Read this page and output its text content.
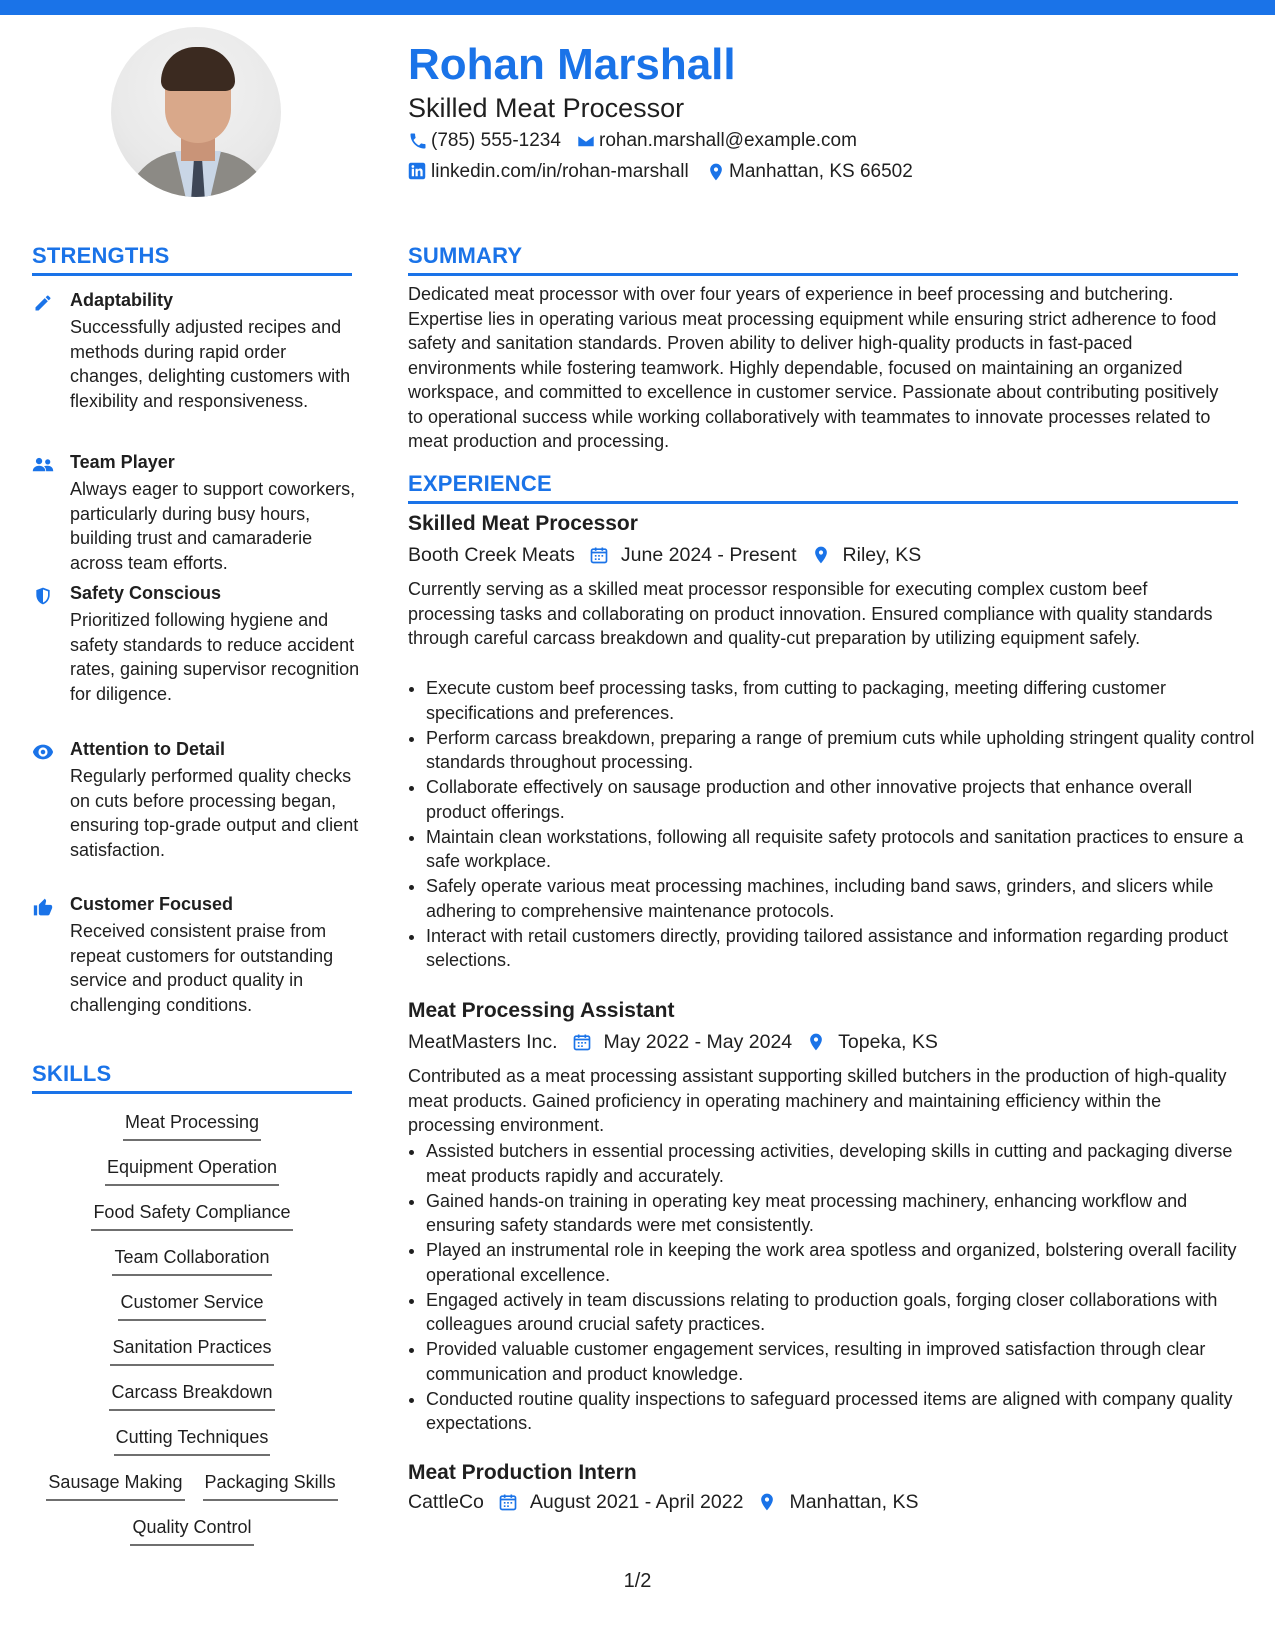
Rohan Marshall
Skilled Meat Processor
(785) 555-1234 rohan.marshall@example.com
linkedin.com/in/rohan-marshall Manhattan, KS 66502
STRENGTHS
Adaptability
Successfully adjusted recipes and methods during rapid order changes, delighting customers with flexibility and responsiveness.
Team Player
Always eager to support coworkers, particularly during busy hours, building trust and camaraderie across team efforts.
Safety Conscious
Prioritized following hygiene and safety standards to reduce accident rates, gaining supervisor recognition for diligence.
Attention to Detail
Regularly performed quality checks on cuts before processing began, ensuring top-grade output and client satisfaction.
Customer Focused
Received consistent praise from repeat customers for outstanding service and product quality in challenging conditions.
SKILLS
Meat Processing
Equipment Operation
Food Safety Compliance
Team Collaboration
Customer Service
Sanitation Practices
Carcass Breakdown
Cutting Techniques
Sausage Making Packaging Skills
Quality Control
SUMMARY
Dedicated meat processor with over four years of experience in beef processing and butchering. Expertise lies in operating various meat processing equipment while ensuring strict adherence to food safety and sanitation standards. Proven ability to deliver high-quality products in fast-paced environments while fostering teamwork. Highly dependable, focused on maintaining an organized workspace, and committed to excellence in customer service. Passionate about contributing positively to operational success while working collaboratively with teammates to innovate processes related to meat production and processing.
EXPERIENCE
Skilled Meat Processor
Booth Creek Meats June 2024 - Present Riley, KS
Currently serving as a skilled meat processor responsible for executing complex custom beef processing tasks and collaborating on product innovation. Ensured compliance with quality standards through careful carcass breakdown and quality-cut preparation by utilizing equipment safely.
• Execute custom beef processing tasks, from cutting to packaging, meeting differing customer specifications and preferences.
• Perform carcass breakdown, preparing a range of premium cuts while upholding stringent quality control standards throughout processing.
• Collaborate effectively on sausage production and other innovative projects that enhance overall product offerings.
• Maintain clean workstations, following all requisite safety protocols and sanitation practices to ensure a safe workplace.
• Safely operate various meat processing machines, including band saws, grinders, and slicers while adhering to comprehensive maintenance protocols.
• Interact with retail customers directly, providing tailored assistance and information regarding product selections.
Meat Processing Assistant
MeatMasters Inc. May 2022 - May 2024 Topeka, KS
Contributed as a meat processing assistant supporting skilled butchers in the production of high-quality meat products. Gained proficiency in operating machinery and maintaining efficiency within the processing environment.
• Assisted butchers in essential processing activities, developing skills in cutting and packaging diverse meat products rapidly and accurately.
• Gained hands-on training in operating key meat processing machinery, enhancing workflow and ensuring safety standards were met consistently.
• Played an instrumental role in keeping the work area spotless and organized, bolstering overall facility operational excellence.
• Engaged actively in team discussions relating to production goals, forging closer collaborations with colleagues around crucial safety practices.
• Provided valuable customer engagement services, resulting in improved satisfaction through clear communication and product knowledge.
• Conducted routine quality inspections to safeguard processed items are aligned with company quality expectations.
Meat Production Intern
CattleCo August 2021 - April 2022 Manhattan, KS
1/2
